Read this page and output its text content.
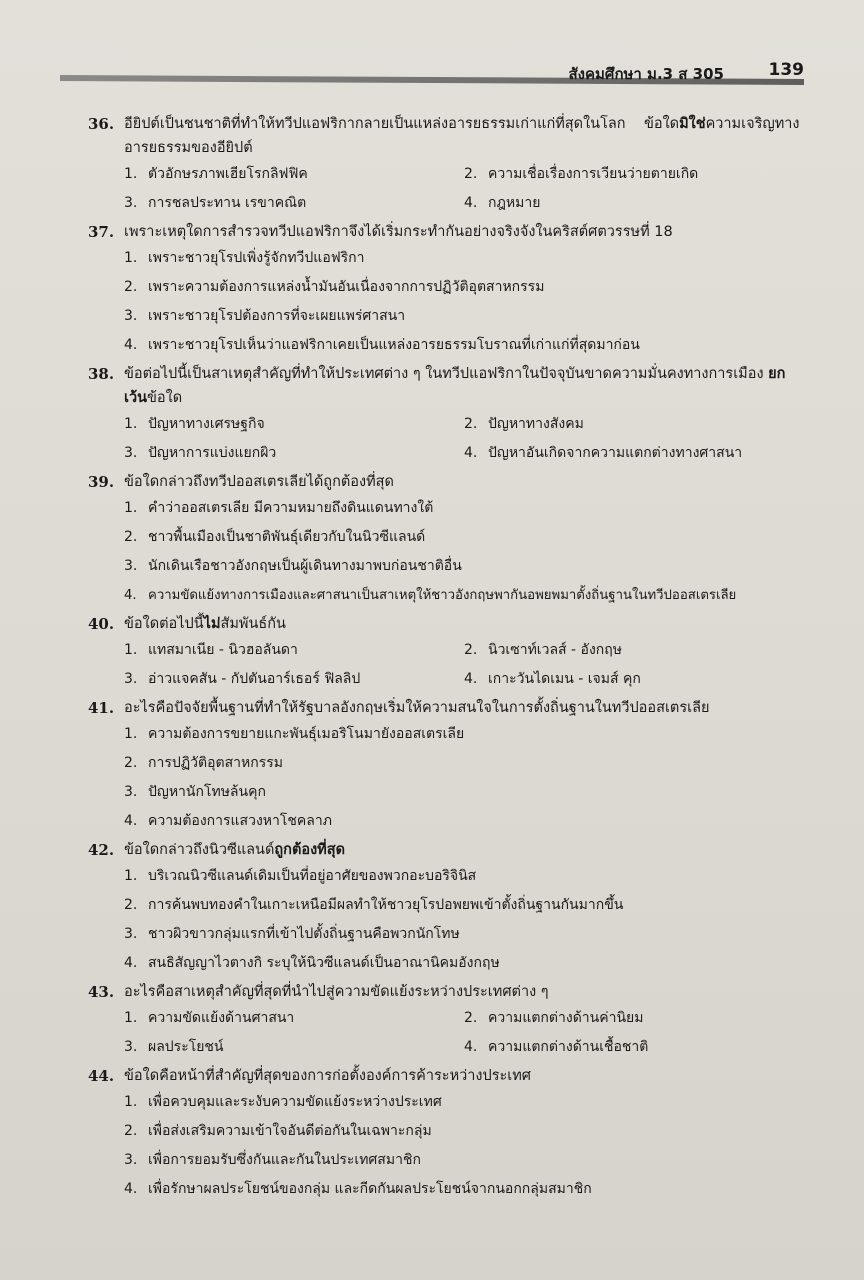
สังคมศึกษา ม.3 ส 305	139
36. อียิปต์เป็นชนชาติที่ทำให้ทวีปแอฟริกากลายเป็นแหล่งอารยธรรมเก่าแก่ที่สุดในโลก ข้อใดมิใช่ความเจริญทาง
อารยธรรมของอียิปต์
1. ตัวอักษรภาพเฮียโรกลิฟฟิค	2. ความเชื่อเรื่องการเวียนว่ายตายเกิด
3. การชลประทาน เรขาคณิต	4. กฎหมาย
37. เพราะเหตุใดการสำรวจทวีปแอฟริกาจึงได้เริ่มกระทำกันอย่างจริงจังในคริสต์ศตวรรษที่ 18
1. เพราะชาวยุโรปเพิ่งรู้จักทวีปแอฟริกา
2. เพราะความต้องการแหล่งน้ำมันอันเนื่องจากการปฏิวัติอุตสาหกรรม
3. เพราะชาวยุโรปต้องการที่จะเผยแพร่ศาสนา
4. เพราะชาวยุโรปเห็นว่าแอฟริกาเคยเป็นแหล่งอารยธรรมโบราณที่เก่าแก่ที่สุดมาก่อน
38. ข้อต่อไปนี้เป็นสาเหตุสำคัญที่ทำให้ประเทศต่าง ๆ ในทวีปแอฟริกาในปัจจุบันขาดความมั่นคงทางการเมือง ยก
เว้นข้อใด
1. ปัญหาทางเศรษฐกิจ	2. ปัญหาทางสังคม
3. ปัญหาการแบ่งแยกผิว	4. ปัญหาอันเกิดจากความแตกต่างทางศาสนา
39. ข้อใดกล่าวถึงทวีปออสเตรเลียได้ถูกต้องที่สุด
1. คำว่าออสเตรเลีย มีความหมายถึงดินแดนทางใต้
2. ชาวพื้นเมืองเป็นชาติพันธุ์เดียวกับในนิวซีแลนด์
3. นักเดินเรือชาวอังกฤษเป็นผู้เดินทางมาพบก่อนชาติอื่น
4. ความขัดแย้งทางการเมืองและศาสนาเป็นสาเหตุให้ชาวอังกฤษพากันอพยพมาตั้งถิ่นฐานในทวีปออสเตรเลีย
40. ข้อใดต่อไปนี้ไม่สัมพันธ์กัน
1. แทสมาเนีย - นิวฮอลันดา	2. นิวเซาท์เวลส์ - อังกฤษ
3. อ่าวแจคสัน - กัปตันอาร์เธอร์ ฟิลลิป	4. เกาะวันไดเมน - เจมส์ คุก
41. อะไรคือปัจจัยพื้นฐานที่ทำให้รัฐบาลอังกฤษเริ่มให้ความสนใจในการตั้งถิ่นฐานในทวีปออสเตรเลีย
1. ความต้องการขยายแกะพันธุ์เมอริโนมายังออสเตรเลีย
2. การปฏิวัติอุตสาหกรรม
3. ปัญหานักโทษล้นคุก
4. ความต้องการแสวงหาโชคลาภ
42. ข้อใดกล่าวถึงนิวซีแลนด์ถูกต้องที่สุด
1. บริเวณนิวซีแลนด์เดิมเป็นที่อยู่อาศัยของพวกอะบอริจินิส
2. การค้นพบทองคำในเกาะเหนือมีผลทำให้ชาวยุโรปอพยพเข้าตั้งถิ่นฐานกันมากขึ้น
3. ชาวผิวขาวกลุ่มแรกที่เข้าไปตั้งถิ่นฐานคือพวกนักโทษ
4. สนธิสัญญาไวตางกิ ระบุให้นิวซีแลนด์เป็นอาณานิคมอังกฤษ
43. อะไรคือสาเหตุสำคัญที่สุดที่นำไปสู่ความขัดแย้งระหว่างประเทศต่าง ๆ
1. ความขัดแย้งด้านศาสนา	2. ความแตกต่างด้านค่านิยม
3. ผลประโยชน์	4. ความแตกต่างด้านเชื้อชาติ
44. ข้อใดคือหน้าที่สำคัญที่สุดของการก่อตั้งองค์การค้าระหว่างประเทศ
1. เพื่อควบคุมและระงับความขัดแย้งระหว่างประเทศ
2. เพื่อส่งเสริมความเข้าใจอันดีต่อกันในเฉพาะกลุ่ม
3. เพื่อการยอมรับซึ่งกันและกันในประเทศสมาชิก
4. เพื่อรักษาผลประโยชน์ของกลุ่ม และกีดกันผลประโยชน์จากนอกกลุ่มสมาชิก
